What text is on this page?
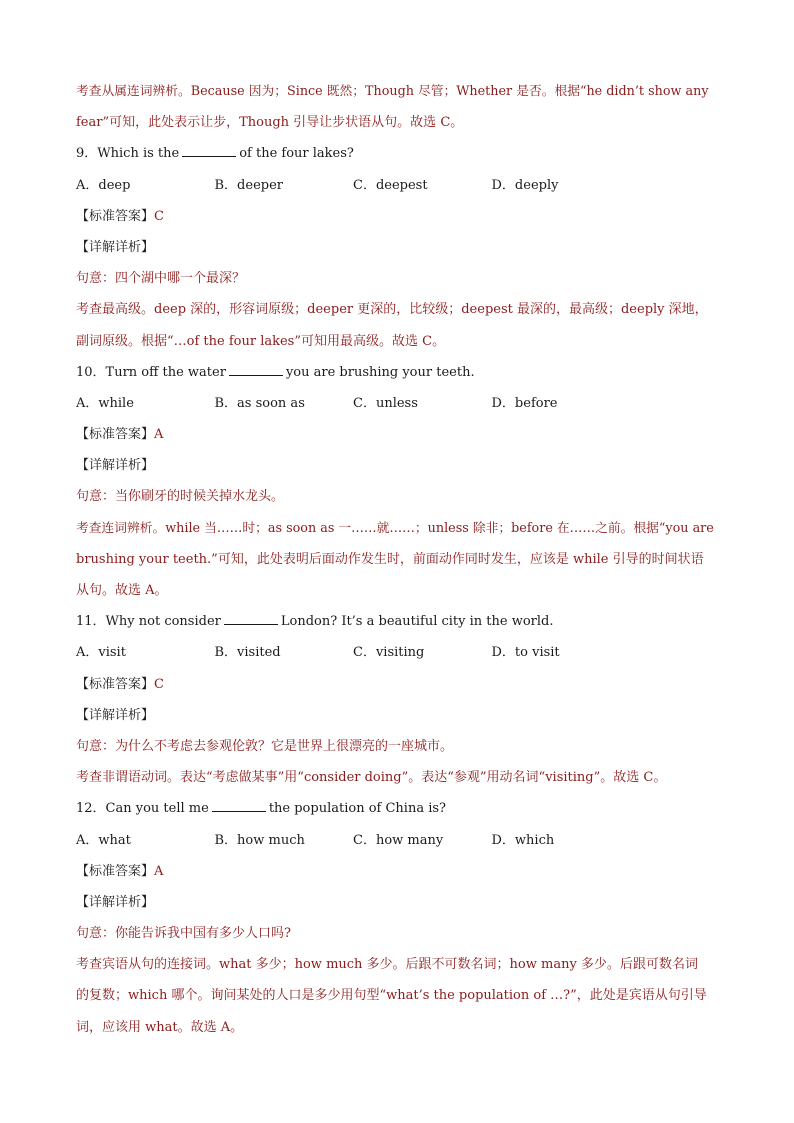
考查从属连词辨析。Because 因为；Since 既然；Though 尽管；Whether 是否。根据“he didn’t show any
fear”可知，此处表示让步，Though 引导让步状语从句。故选 C。
9．Which is the	of the four lakes?
A．deep	B．deeper	C．deepest	D．deeply
【标准答案】C
【详解详析】
句意：四个湖中哪一个最深？
考查最高级。deep 深的，形容词原级；deeper 更深的，比较级；deepest 最深的，最高级；deeply 深地，
副词原级。根据“…of the four lakes”可知用最高级。故选 C。
10．Turn off the water	you are brushing your teeth.
A．while	B．as soon as	C．unless	D．before
【标准答案】A
【详解详析】
句意：当你刷牙的时候关掉水龙头。
考查连词辨析。while 当……时；as soon as 一……就……；unless 除非；before 在……之前。根据“you are
brushing your teeth.”可知，此处表明后面动作发生时，前面动作同时发生，应该是 while 引导的时间状语
从句。故选 A。
11．Why not consider	London? It’s a beautiful city in the world.
A．visit	B．visited	C．visiting	D．to visit
【标准答案】C
【详解详析】
句意：为什么不考虑去参观伦敦？它是世界上很漂亮的一座城市。
考查非谓语动词。表达“考虑做某事”用“consider doing”。表达“参观”用动名词“visiting”。故选 C。
12．Can you tell me	the population of China is?
A．what	B．how much	C．how many	D．which
【标准答案】A
【详解详析】
句意：你能告诉我中国有多少人口吗?
考查宾语从句的连接词。what 多少；how much 多少。后跟不可数名词；how many 多少。后跟可数名词
的复数；which 哪个。询问某处的人口是多少用句型“what’s the population of …?”，此处是宾语从句引导
词，应该用 what。故选 A。
